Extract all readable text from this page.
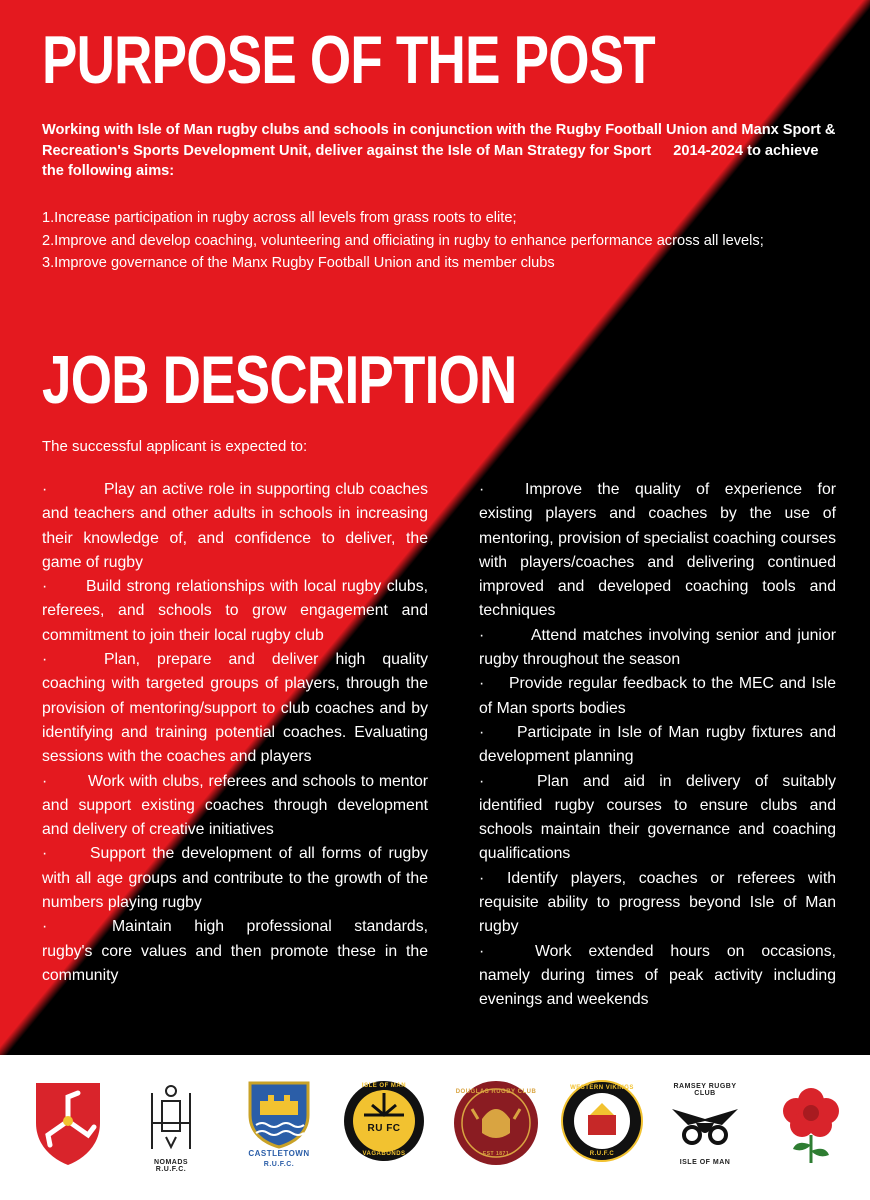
PURPOSE OF THE POST

Working with Isle of Man rugby clubs and schools in conjunction with the Rugby Football Union and Manx Sport & Recreation's Sports Development Unit, deliver against the Isle of Man Strategy for Sport 2014-2024 to achieve the following aims:

1.Increase participation in rugby across all levels from grass roots to elite;
2.Improve and develop coaching, volunteering and officiating in rugby to enhance performance across all levels;
3.Improve governance of the Manx Rugby Football Union and its member clubs
JOB DESCRIPTION

The successful applicant is expected to:

·	Play an active role in supporting club coaches and teachers and other adults in schools in increasing their knowledge of, and confidence to deliver, the game of rugby
· Build strong relationships with local rugby clubs, referees, and schools to grow engagement and commitment to join their local rugby club
·	Plan, prepare and deliver high quality coaching with targeted groups of players, through the provision of mentoring/support to club coaches and by identifying and training potential coaches. Evaluating sessions with the coaches and players
·	Work with clubs, referees and schools to mentor and support existing coaches through development and delivery of creative initiatives
·	Support the development of all forms of rugby with all age groups and contribute to the growth of the numbers playing rugby
·	Maintain high professional standards, rugby's core values and then promote these in the community
·	Improve the quality of experience for existing players and coaches by the use of mentoring, provision of specialist coaching courses with players/coaches and delivering continued improved and developed coaching tools and techniques
·	Attend matches involving senior and junior rugby throughout the season
· Provide regular feedback to the MEC and Isle of Man sports bodies
· Participate in Isle of Man rugby fixtures and development planning
·	Plan and aid in delivery of suitably identified rugby courses to ensure clubs and schools maintain their governance and coaching qualifications
· Identify players, coaches or referees with requisite ability to progress beyond Isle of Man rugby
·	Work extended hours on occasions, namely during times of peak activity including evenings and weekends
NOMADS R.U.F.C.
CASTLETOWN
R.U.F.C.
ISLE OF MAN
RU FC
VAGABONDS
DOUGLAS RUGBY CLUB
EST 1871
WESTERN VIKINGS
R.U.F.C
RAMSEY RUGBY CLUB
ISLE OF MAN
